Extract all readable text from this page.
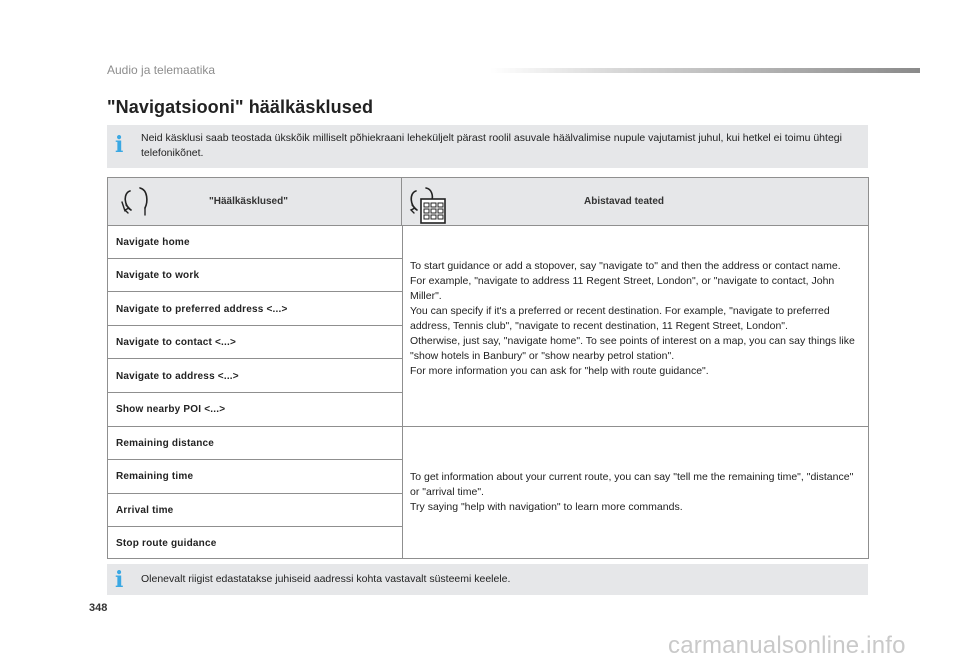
Audio ja telemaatika
"Navigatsiooni" häälkäsklused
i Neid käsklusi saab teostada ükskõik milliselt põhiekraani leheküljelt pärast roolil asuvale häälvalimise nupule vajutamist juhul, kui hetkel ei toimu ühtegi telefonikõnet.
"Häälkäsklused"	Abistavad teated
Navigate home
Navigate to work
Navigate to preferred address <...>
Navigate to contact <...>
Navigate to address <...>
Show nearby POI <...>
To start guidance or add a stopover, say "navigate to" and then the address or contact name.
For example, "navigate to address 11 Regent Street, London", or "navigate to contact, John Miller".
You can specify if it's a preferred or recent destination. For example, "navigate to preferred address, Tennis club", "navigate to recent destination, 11 Regent Street, London".
Otherwise, just say, "navigate home". To see points of interest on a map, you can say things like "show hotels in Banbury" or "show nearby petrol station".
For more information you can ask for "help with route guidance".
Remaining distance
Remaining time
Arrival time
Stop route guidance
To get information about your current route, you can say "tell me the remaining time", "distance" or "arrival time".
Try saying "help with navigation" to learn more commands.
i Olenevalt riigist edastatakse juhiseid aadressi kohta vastavalt süsteemi keelele.
348
carmanualsonline.info
